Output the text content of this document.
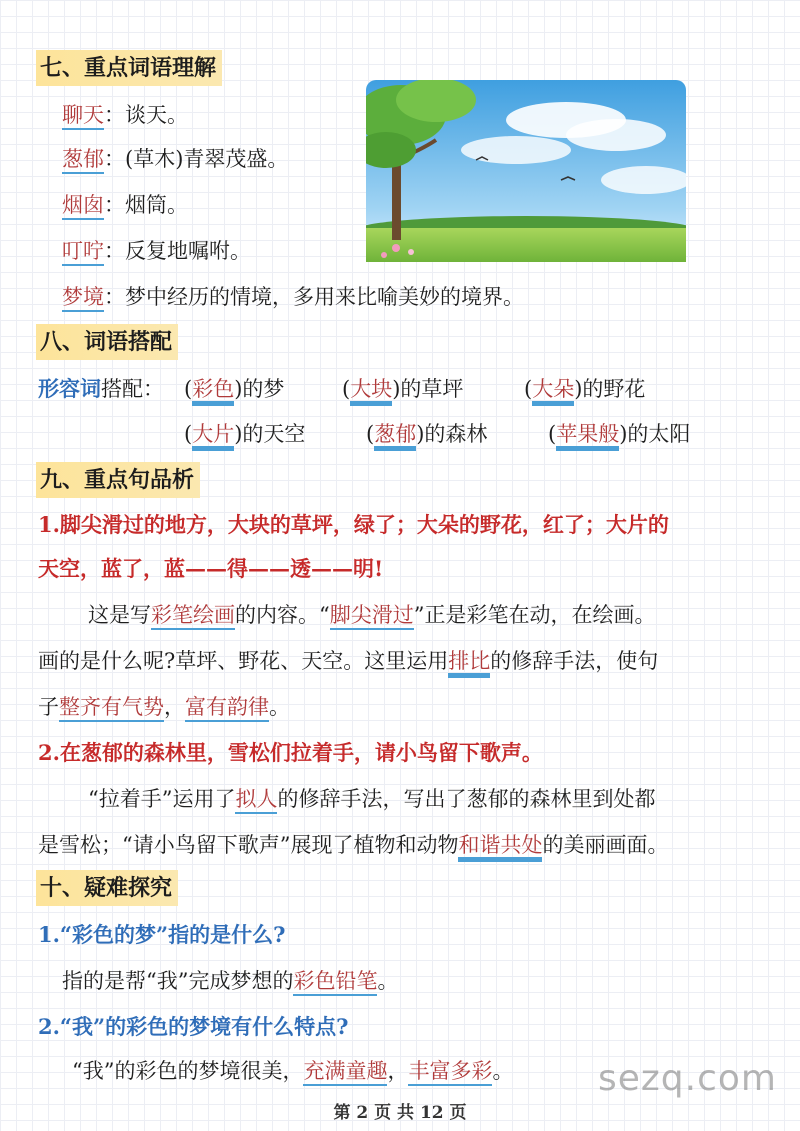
七、重点词语理解
聊天：谈天。
葱郁：(草木)青翠茂盛。
烟囱：烟筒。
叮咛：反复地嘱咐。
梦境：梦中经历的情境，多用来比喻美妙的境界。
八、词语搭配
形容词搭配： (彩色)的梦	(大块)的草坪	(大朵)的野花
(大片)的天空	(葱郁)的森林	(苹果般)的太阳
九、重点句品析
1.脚尖滑过的地方，大块的草坪，绿了；大朵的野花，红了；大片的
天空，蓝了，蓝——得——透——明!
这是写彩笔绘画的内容。“脚尖滑过”正是彩笔在动，在绘画。
画的是什么呢?草坪、野花、天空。这里运用排比的修辞手法，使句
子整齐有气势，富有韵律。
2.在葱郁的森林里，雪松们拉着手，请小鸟留下歌声。
“拉着手”运用了拟人的修辞手法，写出了葱郁的森林里到处都
是雪松；“请小鸟留下歌声”展现了植物和动物和谐共处的美丽画面。
十、疑难探究
1.“彩色的梦”指的是什么?
指的是帮“我”完成梦想的彩色铅笔。
2.“我”的彩色的梦境有什么特点?
“我”的彩色的梦境很美，充满童趣，丰富多彩。 sezq.com
第 2 页 共 12 页
